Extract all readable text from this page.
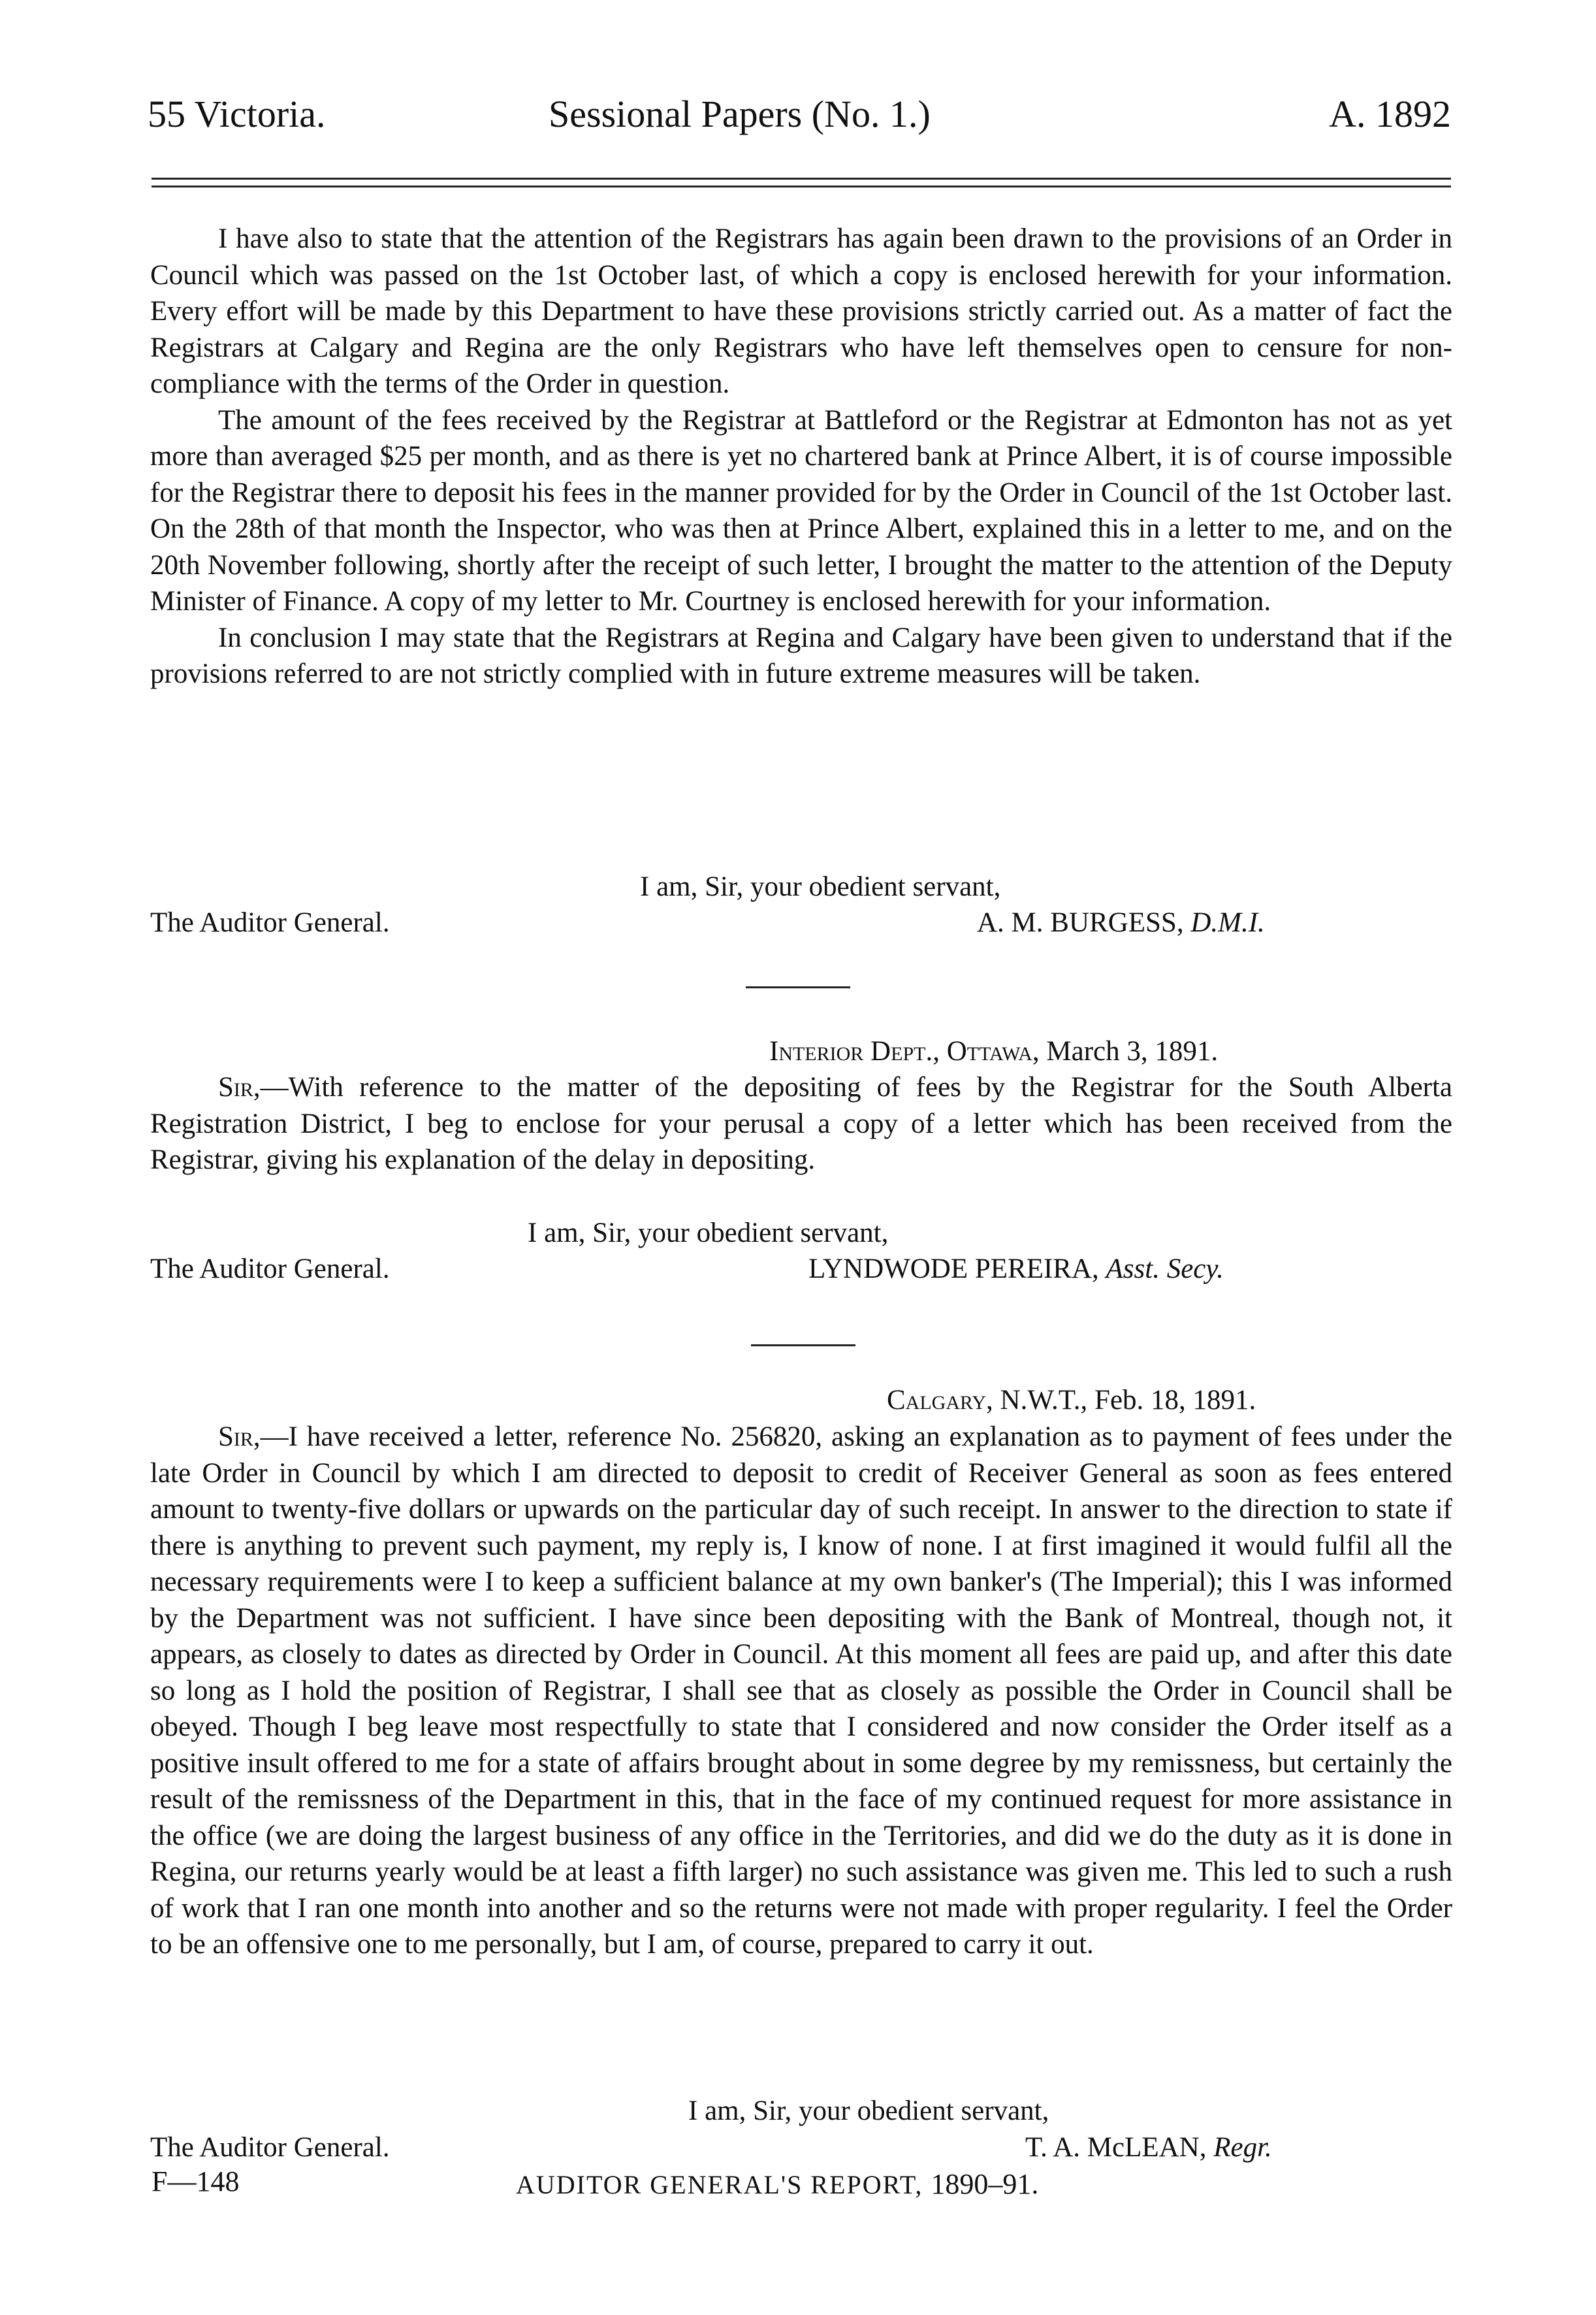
55 Victoria.	Sessional Papers (No. 1.)	A. 1892

I have also to state that the attention of the Registrars has again been drawn to the provisions of an Order in Council which was passed on the 1st October last, of which a copy is enclosed herewith for your information. Every effort will be made by this Department to have these provisions strictly carried out. As a matter of fact the Registrars at Calgary and Regina are the only Registrars who have left themselves open to censure for non-compliance with the terms of the Order in question.

The amount of the fees received by the Registrar at Battleford or the Registrar at Edmonton has not as yet more than averaged $25 per month, and as there is yet no chartered bank at Prince Albert, it is of course impossible for the Registrar there to deposit his fees in the manner provided for by the Order in Council of the 1st October last. On the 28th of that month the Inspector, who was then at Prince Albert, explained this in a letter to me, and on the 20th November following, shortly after the receipt of such letter, I brought the matter to the attention of the Deputy Minister of Finance. A copy of my letter to Mr. Courtney is enclosed herewith for your information.

In conclusion I may state that the Registrars at Regina and Calgary have been given to understand that if the provisions referred to are not strictly complied with in future extreme measures will be taken.

I am, Sir, your obedient servant,
The Auditor General.	A. M. BURGESS, D.M.I.
Interior Dept., Ottawa, March 3, 1891.

Sir,—With reference to the matter of the depositing of fees by the Registrar for the South Alberta Registration District, I beg to enclose for your perusal a copy of a letter which has been received from the Registrar, giving his explanation of the delay in depositing.

I am, Sir, your obedient servant,
The Auditor General.	LYNDWODE PEREIRA, Asst. Secy.
Calgary, N.W.T., Feb. 18, 1891.

Sir,—I have received a letter, reference No. 256820, asking an explanation as to payment of fees under the late Order in Council by which I am directed to deposit to credit of Receiver General as soon as fees entered amount to twenty-five dollars or upwards on the particular day of such receipt. In answer to the direction to state if there is anything to prevent such payment, my reply is, I know of none. I at first imagined it would fulfil all the necessary requirements were I to keep a sufficient balance at my own banker's (The Imperial); this I was informed by the Department was not sufficient. I have since been depositing with the Bank of Montreal, though not, it appears, as closely to dates as directed by Order in Council. At this moment all fees are paid up, and after this date so long as I hold the position of Registrar, I shall see that as closely as possible the Order in Council shall be obeyed. Though I beg leave most respectfully to state that I considered and now consider the Order itself as a positive insult offered to me for a state of affairs brought about in some degree by my remissness, but certainly the result of the remissness of the Department in this, that in the face of my continued request for more assistance in the office (we are doing the largest business of any office in the Territories, and did we do the duty as it is done in Regina, our returns yearly would be at least a fifth larger) no such assistance was given me. This led to such a rush of work that I ran one month into another and so the returns were not made with proper regularity. I feel the Order to be an offensive one to me personally, but I am, of course, prepared to carry it out.

I am, Sir, your obedient servant,
The Auditor General.	T. A. McLEAN, Regr.
F—148	AUDITOR GENERAL'S REPORT, 1890–91.
